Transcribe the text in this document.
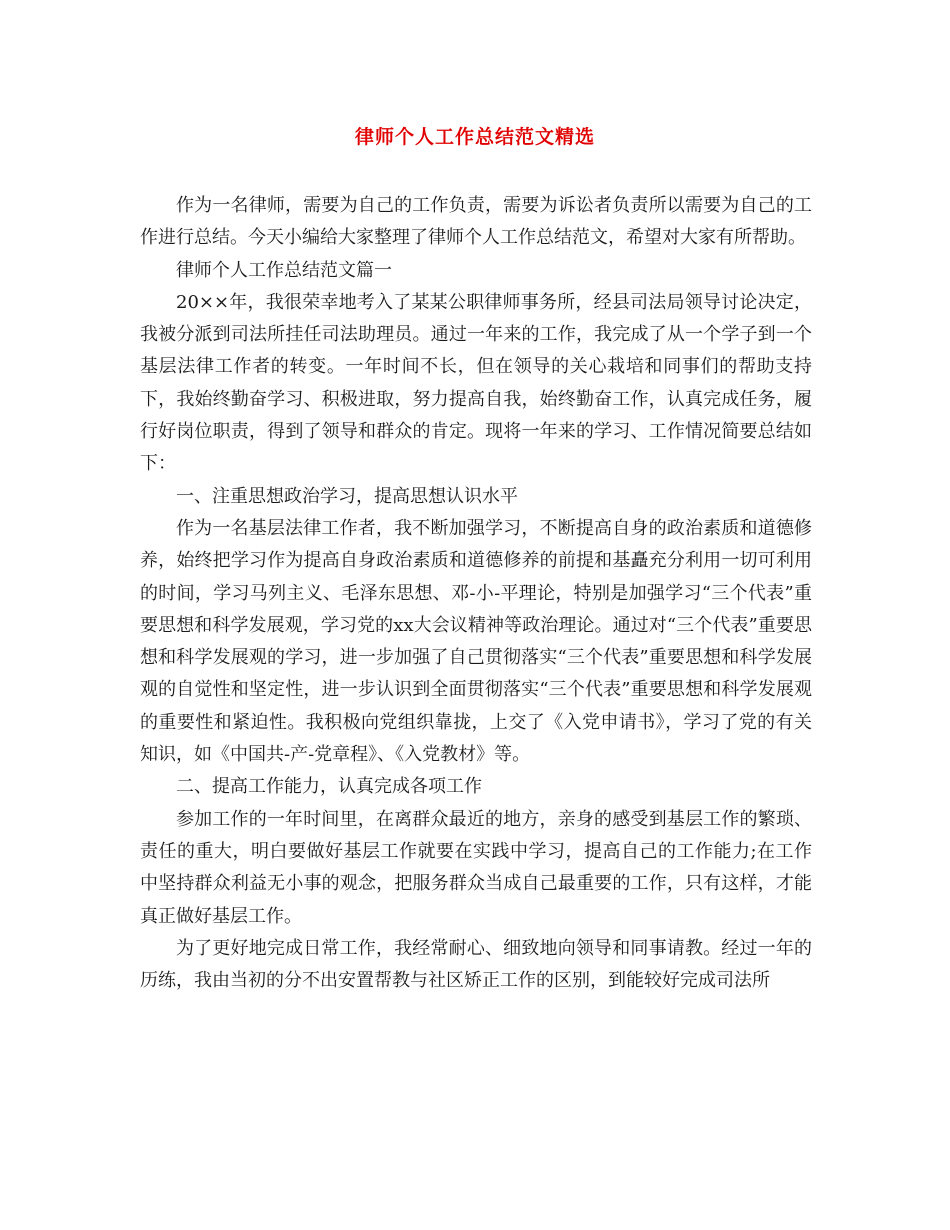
律师个人工作总结范文精选

作为一名律师，需要为自己的工作负责，需要为诉讼者负责所以需要为自己的工作进行总结。今天小编给大家整理了律师个人工作总结范文，希望对大家有所帮助。

律师个人工作总结范文篇一

20××年，我很荣幸地考入了某某公职律师事务所，经县司法局领导讨论决定，我被分派到司法所挂任司法助理员。通过一年来的工作，我完成了从一个学子到一个基层法律工作者的转变。一年时间不长，但在领导的关心栽培和同事们的帮助支持下，我始终勤奋学习、积极进取，努力提高自我，始终勤奋工作，认真完成任务，履行好岗位职责，得到了领导和群众的肯定。现将一年来的学习、工作情况简要总结如下：

一、注重思想政治学习，提高思想认识水平

作为一名基层法律工作者，我不断加强学习，不断提高自身的政治素质和道德修养，始终把学习作为提高自身政治素质和道德修养的前提和基矗充分利用一切可利用的时间，学习马列主义、毛泽东思想、邓-小-平理论，特别是加强学习“三个代表”重要思想和科学发展观，学习党的xx大会议精神等政治理论。通过对“三个代表”重要思想和科学发展观的学习，进一步加强了自己贯彻落实“三个代表”重要思想和科学发展观的自觉性和坚定性，进一步认识到全面贯彻落实“三个代表”重要思想和科学发展观的重要性和紧迫性。我积极向党组织靠拢，上交了《入党申请书》，学习了党的有关知识，如《中国共-产-党章程》、《入党教材》等。

二、提高工作能力，认真完成各项工作

参加工作的一年时间里，在离群众最近的地方，亲身的感受到基层工作的繁琐、责任的重大，明白要做好基层工作就要在实践中学习，提高自己的工作能力;在工作中坚持群众利益无小事的观念，把服务群众当成自己最重要的工作，只有这样，才能真正做好基层工作。

为了更好地完成日常工作，我经常耐心、细致地向领导和同事请教。经过一年的历练，我由当初的分不出安置帮教与社区矫正工作的区别，到能较好完成司法所
